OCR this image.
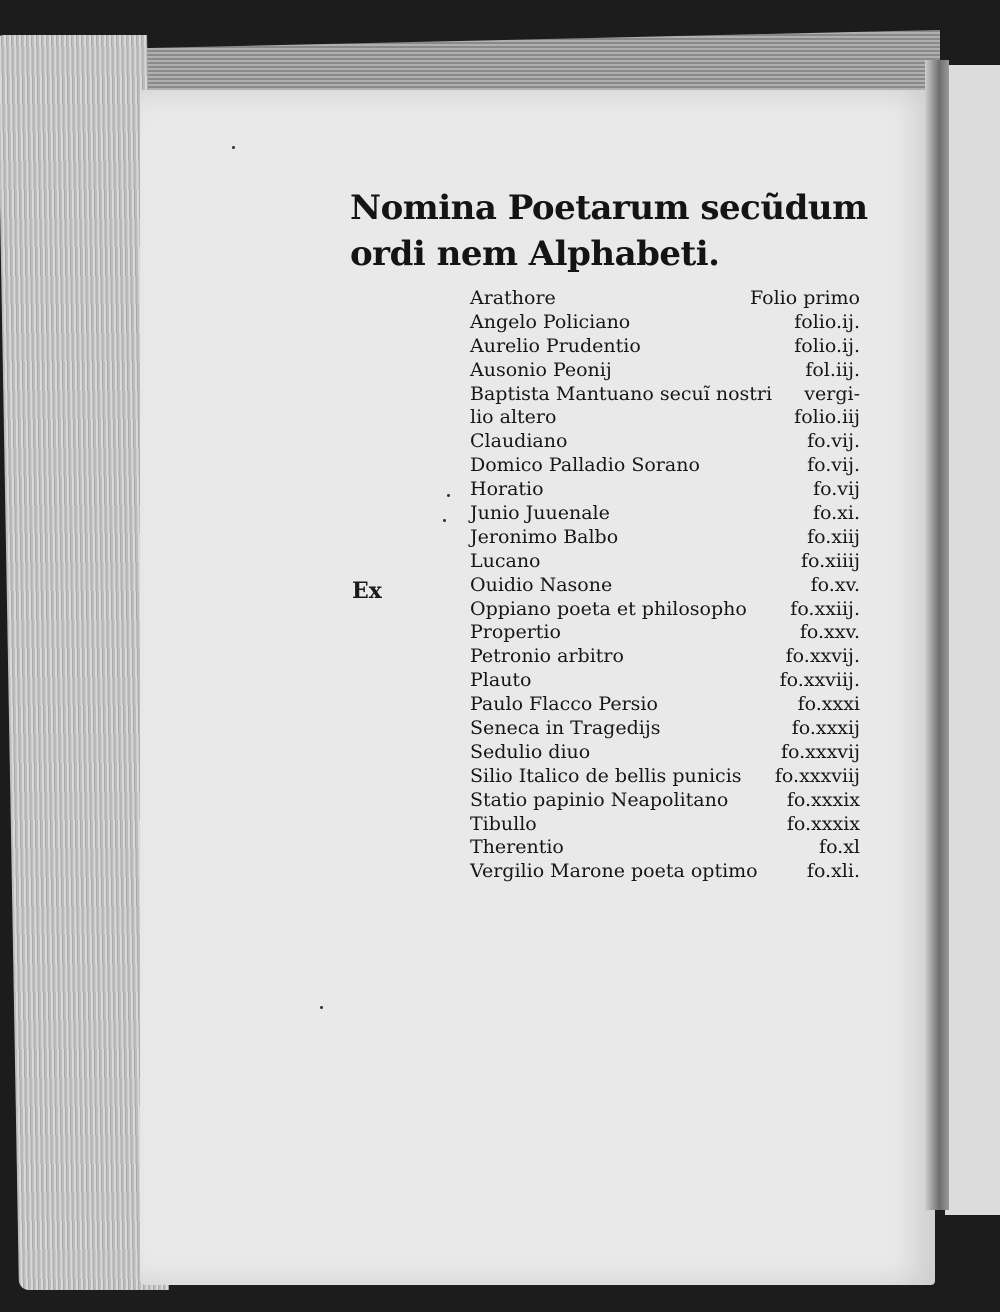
Nomina Poetarum secũdum ordi nem Alphabeti.
Ex
Arathore	Folio primo
Angelo Policiano	folio.ij.
Aurelio Prudentio	folio.ij.
Ausonio Peonij	fol.iij.
Baptista Mantuano secuĩ nostri vergi-
lio altero	folio.iij
Claudiano	fo.vij.
Domico Palladio Sorano	fo.vij.
Horatio	fo.vij
Junio Juuenale	fo.xi.
Jeronimo Balbo	fo.xiij
Lucano	fo.xiiij
Ouidio Nasone	fo.xv.
Oppiano poeta et philosopho fo.xxiij.
Propertio	fo.xxv.
Petronio arbitro	fo.xxvij.
Plauto	fo.xxviij.
Paulo Flacco Persio	fo.xxxi
Seneca in Tragedijs	fo.xxxij
Sedulio diuo	fo.xxxvij
Silio Italico de bellis punicis fo.xxxviij
Statio papinio Neapolitano	fo.xxxix
Tibullo	fo.xxxix
Therentio	fo.xl
Vergilio Marone poeta optimo	fo.xli.
